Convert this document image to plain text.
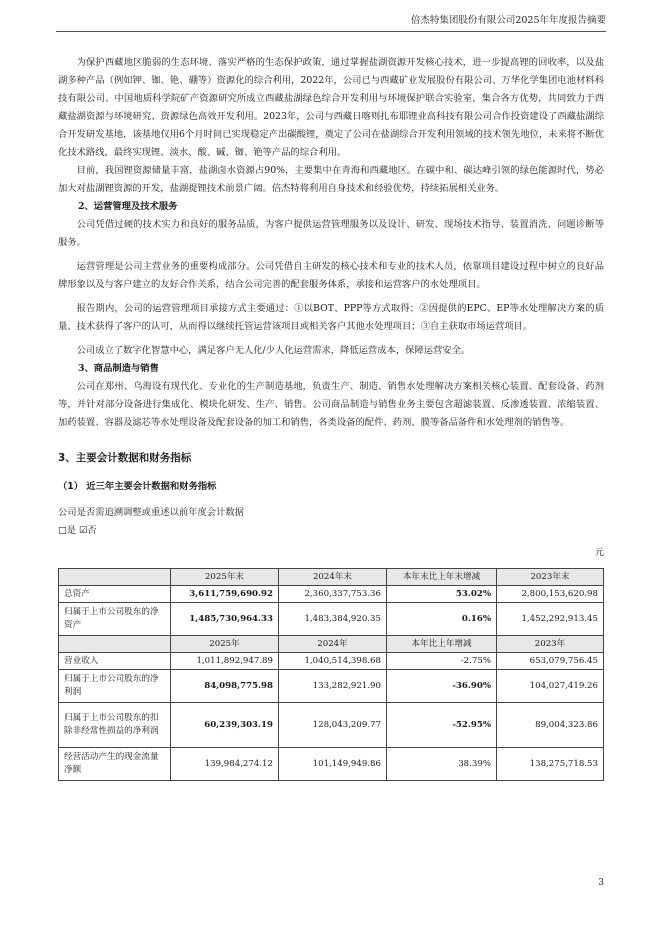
倍杰特集团股份有限公司2025年年度报告摘要

为保护西藏地区脆弱的生态环境、落实严格的生态保护政策，通过掌握盐湖资源开发核心技术，进一步提高锂的回收率，以及盐湖多种产品（例如钾、铷、铯、硼等）资源化的综合利用，2022年，公司已与西藏矿业发展股份有限公司、万华化学集团电池材料科技有限公司、中国地质科学院矿产资源研究所成立西藏盐湖绿色综合开发利用与环境保护联合实验室，集合各方优势，共同致力于西藏盐湖资源与环境研究、资源绿色高效开发利用。2023年，公司与西藏日喀则扎布耶锂业高科技有限公司合作投资建设了西藏盐湖综合开发研发基地，该基地仅用6个月时间已实现稳定产出碳酸锂，奠定了公司在盐湖综合开发利用领域的技术领先地位，未来将不断优化技术路线，最终实现锂、淡水、酸、碱、铷、铯等产品的综合利用。

目前，我国锂资源储量丰富，盐湖卤水资源占90%，主要集中在青海和西藏地区。在碳中和、碳达峰引领的绿色能源时代，势必加大对盐湖锂资源的开发，盐湖提锂技术前景广阔。倍杰特将利用自身技术和经验优势，持续拓展相关业务。

2、运营管理及技术服务

公司凭借过硬的技术实力和良好的服务品质，为客户提供运营管理服务以及设计、研发、现场技术指导、装置消洗、问题诊断等服务。

运营管理是公司主营业务的重要构成部分。公司凭借自主研发的核心技术和专业的技术人员，依靠项目建设过程中树立的良好品牌形象以及与客户建立的友好合作关系，结合公司完善的配套服务体系，承接和运营客户的水处理项目。

报告期内，公司的运营管理项目承接方式主要通过：①以BOT、PPP等方式取得；②因提供的EPC、EP等水处理解决方案的质量、技术获得了客户的认可，从而得以继续托管运营该项目或相关客户其他水处理项目；③自主获取市场运营项目。

公司成立了数字化智慧中心，满足客户无人化/少人化运营需求，降低运营成本，保障运营安全。

3、商品制造与销售

公司在郑州、乌海设有现代化、专业化的生产制造基地，负责生产、制造、销售水处理解决方案相关核心装置、配套设备、药剂等，并针对部分设备进行集成化、模块化研发、生产、销售。公司商品制造与销售业务主要包含超滤装置、反渗透装置、浓缩装置、加药装置、容器及滤芯等水处理设备及配套设备的加工和销售，各类设备的配件、药剂、膜等备品备件和水处理剂的销售等。

3、主要会计数据和财务指标

（1） 近三年主要会计数据和财务指标

公司是否需追溯调整或重述以前年度会计数据

□是 ☑否

元

	2025年末	2024年末	本年末比上年末增减	2023年末
总资产	3,611,759,690.92	2,360,337,753.36	53.02%	2,800,153,620.98
归属于上市公司股东的净资产	1,485,730,964.33	1,483,384,920.35	0.16%	1,452,292,913.45
	2025年	2024年	本年比上年增减	2023年
营业收入	1,011,892,947.89	1,040,514,398.68	-2.75%	653,079,756.45
归属于上市公司股东的净利润	84,098,775.98	133,282,921.90	-36.90%	104,027,419.26
归属于上市公司股东的扣除非经常性损益的净利润	60,239,303.19	128,043,209.77	-52.95%	89,004,323.86
经营活动产生的现金流量净额	139,984,274.12	101,149,949.86	38.39%	138,275,718.53
3
